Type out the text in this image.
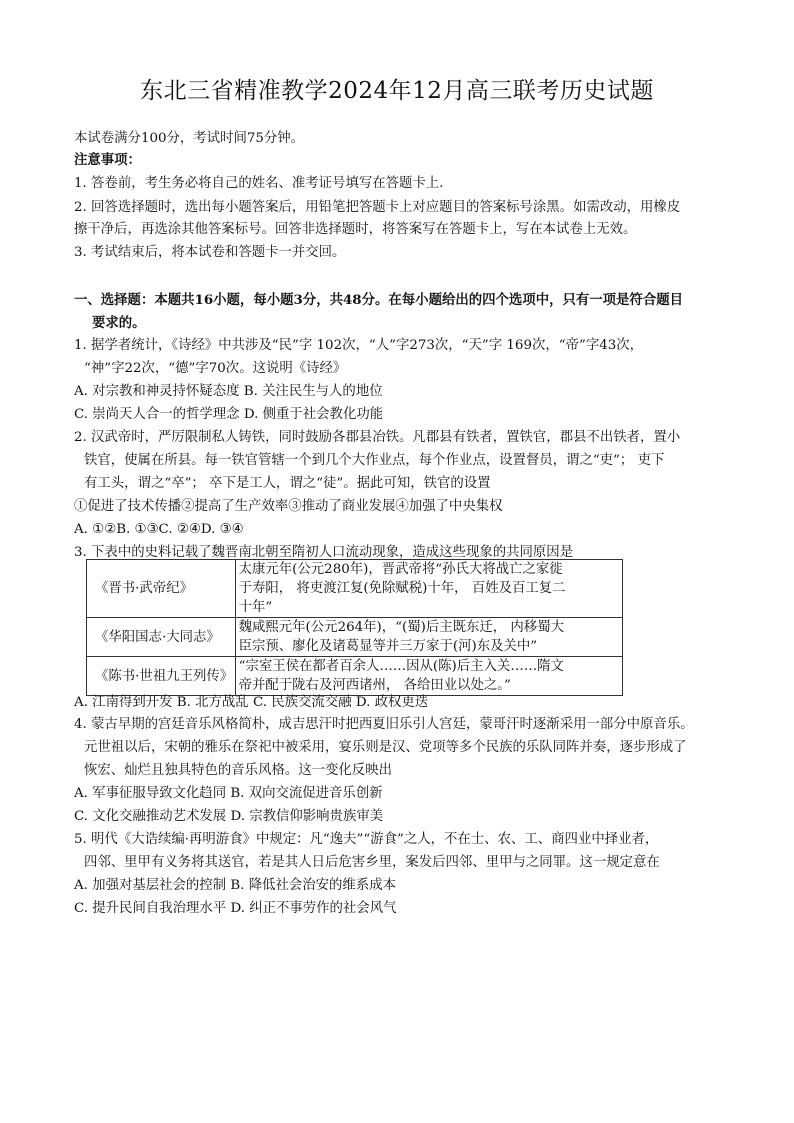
东北三省精准教学2024年12月高三联考历史试题
本试卷满分100分，考试时间75分钟。
注意事项：
1. 答卷前，考生务必将自己的姓名、准考证号填写在答题卡上.
2. 回答选择题时，选出每小题答案后，用铅笔把答题卡上对应题目的答案标号涂黑。如需改动，用橡皮
擦干净后，再选涂其他答案标号。回答非选择题时，将答案写在答题卡上，写在本试卷上无效。
3. 考试结束后，将本试卷和答题卡一并交回。
一、选择题：本题共16小题，每小题3分，共48分。在每小题给出的四个选项中，只有一项是符合题目
要求的。
1. 据学者统计，《诗经》中共涉及“民”字 102次，“人”字273次，“天”字 169次，“帝”字43次，
“神”字22次，“德”字70次。这说明《诗经》
A. 对宗教和神灵持怀疑态度 B. 关注民生与人的地位
C. 崇尚天人合一的哲学理念 D. 侧重于社会教化功能
2. 汉武帝时，严厉限制私人铸铁，同时鼓励各郡县冶铁。凡郡县有铁者，置铁官，郡县不出铁者，置小
铁官，使属在所县。每一铁官管辖一个到几个大作业点，每个作业点，设置督员，谓之“吏”； 吏下
有工头，谓之“卒”； 卒下是工人，谓之“徒”。据此可知，铁官的设置
①促进了技术传播②提高了生产效率③推动了商业发展④加强了中央集权
A. ①②B. ①③C. ②④D. ③④
3. 下表中的史料记载了魏晋南北朝至隋初人口流动现象，造成这些现象的共同原因是
《晋书·武帝纪》	太康元年(公元280年)，晋武帝将“孙氏大将战亡之家徙
于寿阳， 将吏渡江复(免除赋税)十年， 百姓及百工复二
十年”

《华阳国志·大同志》	魏咸熙元年(公元264年)，“(蜀)后主既东迁， 内移蜀大
臣宗预、廖化及诸葛显等并三万家于(河)东及关中”

《陈书·世祖九王列传》	“宗室王侯在都者百余人……因从(陈)后主入关……隋文
帝并配于陇右及河西诸州， 各给田业以处之。”
A. 江南得到开发 B. 北方战乱 C. 民族交流交融 D. 政权更迭
4. 蒙古早期的宫廷音乐风格简朴，成吉思汗时把西夏旧乐引人宫廷，蒙哥汗时逐渐采用一部分中原音乐。
元世祖以后，宋朝的雅乐在祭祀中被采用，宴乐则是汉、党项等多个民族的乐队同阵并奏，逐步形成了
恢宏、灿烂且独具特色的音乐风格。这一变化反映出
A. 军事征服导致文化趋同 B. 双向交流促进音乐创新
C. 文化交融推动艺术发展 D. 宗教信仰影响贵族审美
5. 明代《大诰续编·再明游食》中规定：凡“逸夫”“游食”之人，不在士、农、工、商四业中择业者，
四邻、里甲有义务将其送官，若是其人日后危害乡里，案发后四邻、里甲与之同罪。这一规定意在
A. 加强对基层社会的控制 B. 降低社会治安的维系成本
C. 提升民间自我治理水平 D. 纠正不事劳作的社会风气
